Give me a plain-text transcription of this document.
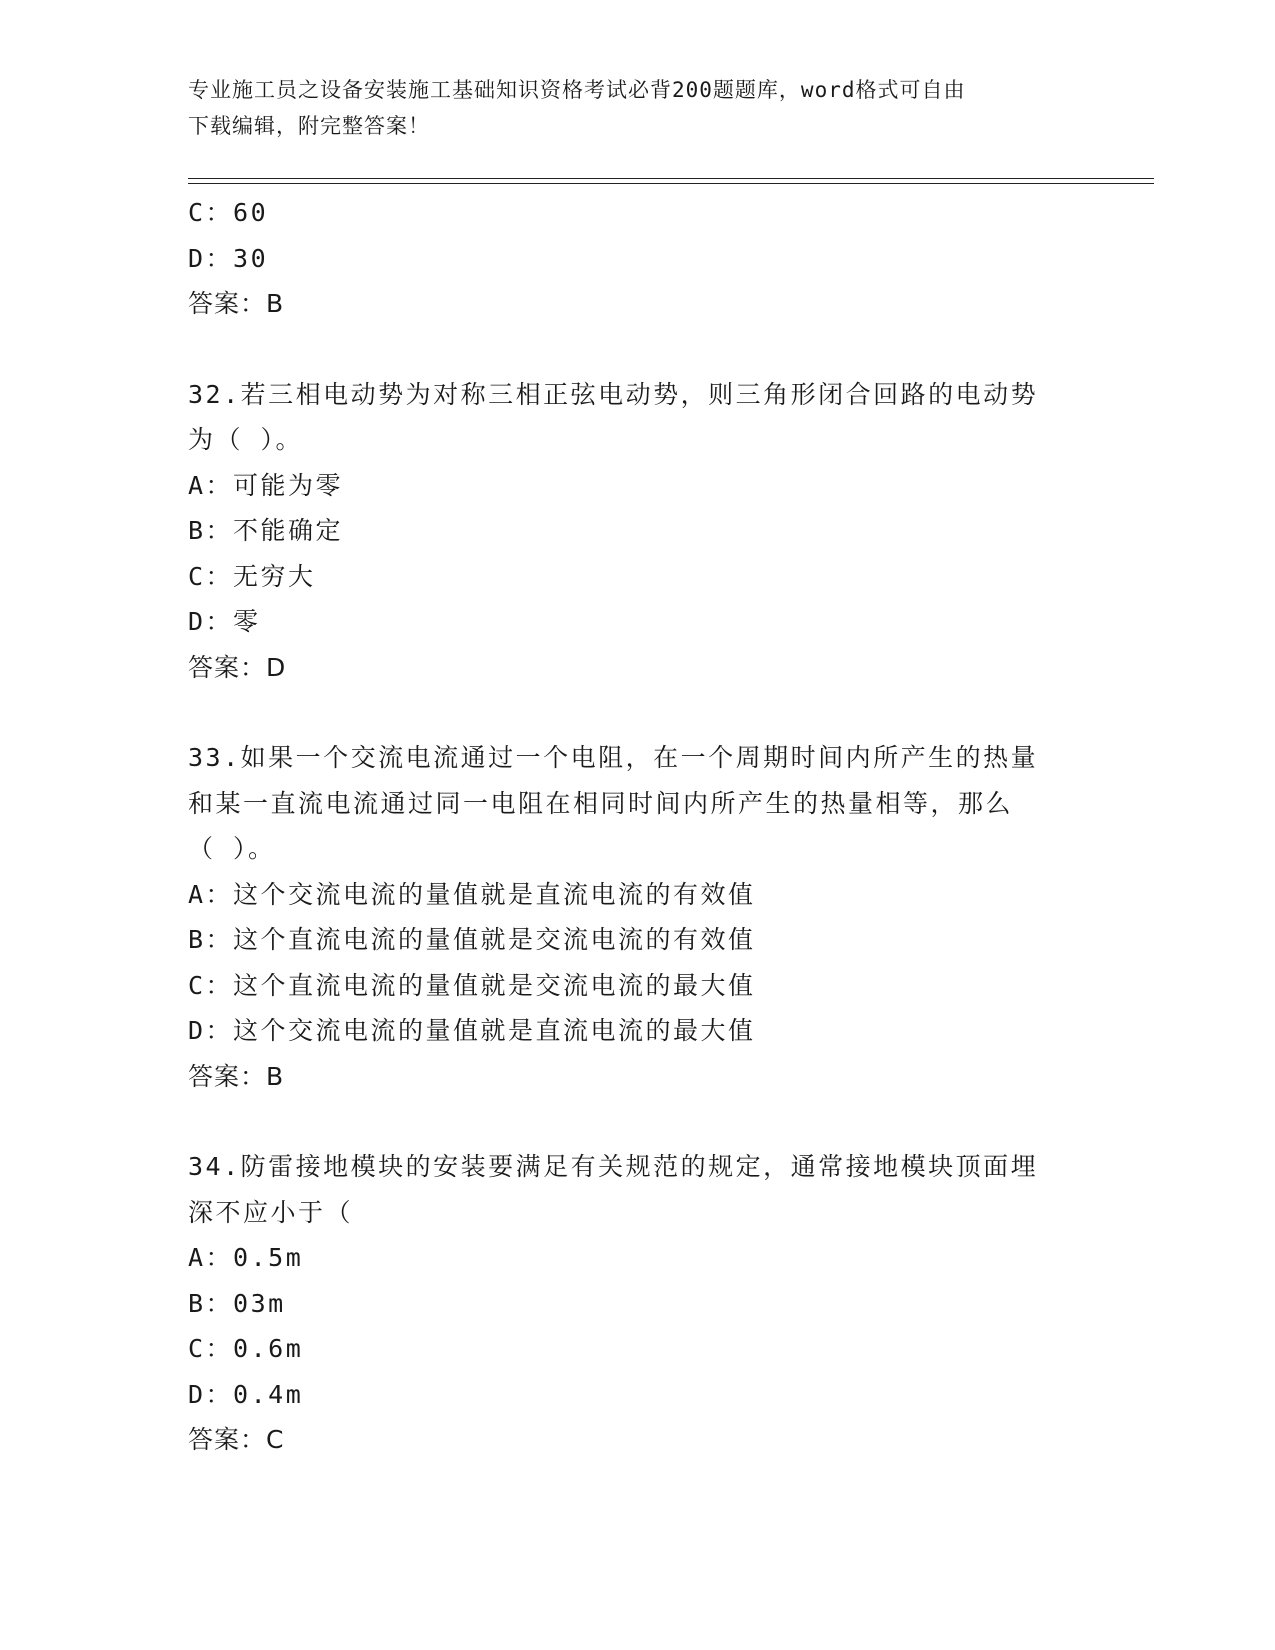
专业施工员之设备安装施工基础知识资格考试必背200题题库，word格式可自由
下载编辑，附完整答案！
C：60
D：30
答案：B
32.若三相电动势为对称三相正弦电动势，则三角形闭合回路的电动势
为（ ）。
A：可能为零
B：不能确定
C：无穷大
D：零
答案：D
33.如果一个交流电流通过一个电阻，在一个周期时间内所产生的热量
和某一直流电流通过同一电阻在相同时间内所产生的热量相等，那么
（ ）。
A：这个交流电流的量值就是直流电流的有效值
B：这个直流电流的量值就是交流电流的有效值
C：这个直流电流的量值就是交流电流的最大值
D：这个交流电流的量值就是直流电流的最大值
答案：B
34.防雷接地模块的安装要满足有关规范的规定，通常接地模块顶面埋
深不应小于（
A：0.5m
B：03m
C：0.6m
D：0.4m
答案：C
